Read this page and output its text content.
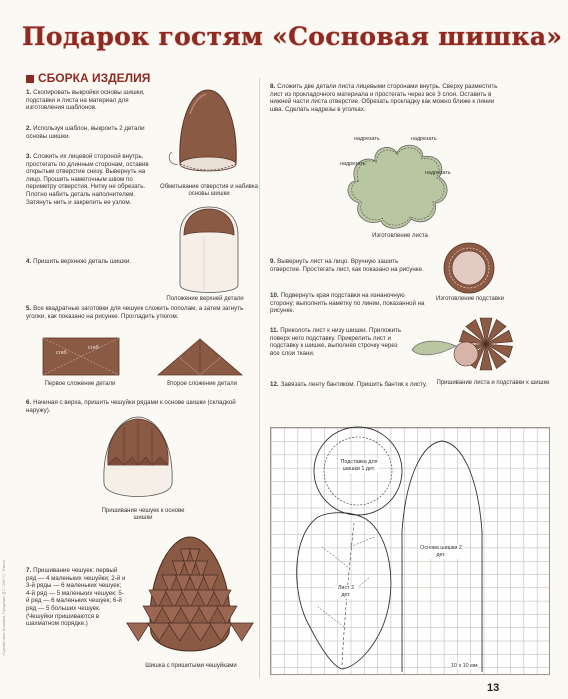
Подарок гостям «Сосновая шишка»
СБОРКА ИЗДЕЛИЯ
1. Скопировать выкройки основы шишки, подставки и листа на материал для изготовления шаблонов.
2. Используя шаблон, выкроить 2 детали основы шишки.
3. Сложить их лицевой стороной внутрь, простегать по длинным сторонам, оставив открытым отверстие снизу. Вывернуть на лицо. Прошить наметочным швом по периметру отверстия. Нитку не обрезать. Плотно набить деталь наполнителем. Затянуть нить и закрепить ее узлом.
4. Пришить верхнюю деталь шишки.
5. Все квадратные заготовки для чешуек сложить пополам, а затем загнуть уголки, как показано на рисунке. Прогладить утюгом.
6. Начиная с верха, пришить чешуйки рядами к основе шишки (складкой наружу).
7. Пришивание чешуек: первый ряд — 4 маленьких чешуйки; 2-й и 3-й ряды — 6 маленьких чешуек; 4-й ряд — 5 маленьких чешуек; 5-й ряд — 6 маленьких чешуек; 6-й ряд — 5 больших чешуек. (Чешуйки пришиваются в шахматном порядке.)
8. Сложить две детали листа лицевыми сторонами внутрь. Сверху разместить лист из прокладочного материала и простегать через все 3 слоя. Оставить в нижней части листа отверстие. Обрезать прокладку как можно ближе к линии шва. Сделать надрезы в уголках.
9. Вывернуть лист на лицо. Вручную зашить отверстие. Простегать лист, как показано на рисунке.
10. Подвернуть края подставки на изнаночную сторону; выполнить наметку по линии, показанной на рисунке.
11. Приколоть лист к низу шишки. Приложить поверх него подставку. Прикрепить лист и подставку к шишке, выполняя строчку через все слои ткани.
12. Завязать ленту бантиком. Пришить бантик к листу.
Обметывание отверстия и набивка основы шишки
Положение верхней детали
сгиб
сгиб
Первое сложение детали	Второе сложение детали
Пришивание чешуек к основе шишки
Шишка с пришитыми чешуйками
надрезать	надрезать
надрезать
надрезать
Изготовление листа
Изготовление подставки
Пришивание листа и подставки к шишке
Подставка для шишки 1 дет.
Лист 2 дет.
Основа шишки 2 дет.
10 х 10 мм
13
«Сделай сам» Вышивка. Рукоделие №1 / 2007 © Эгмонт
